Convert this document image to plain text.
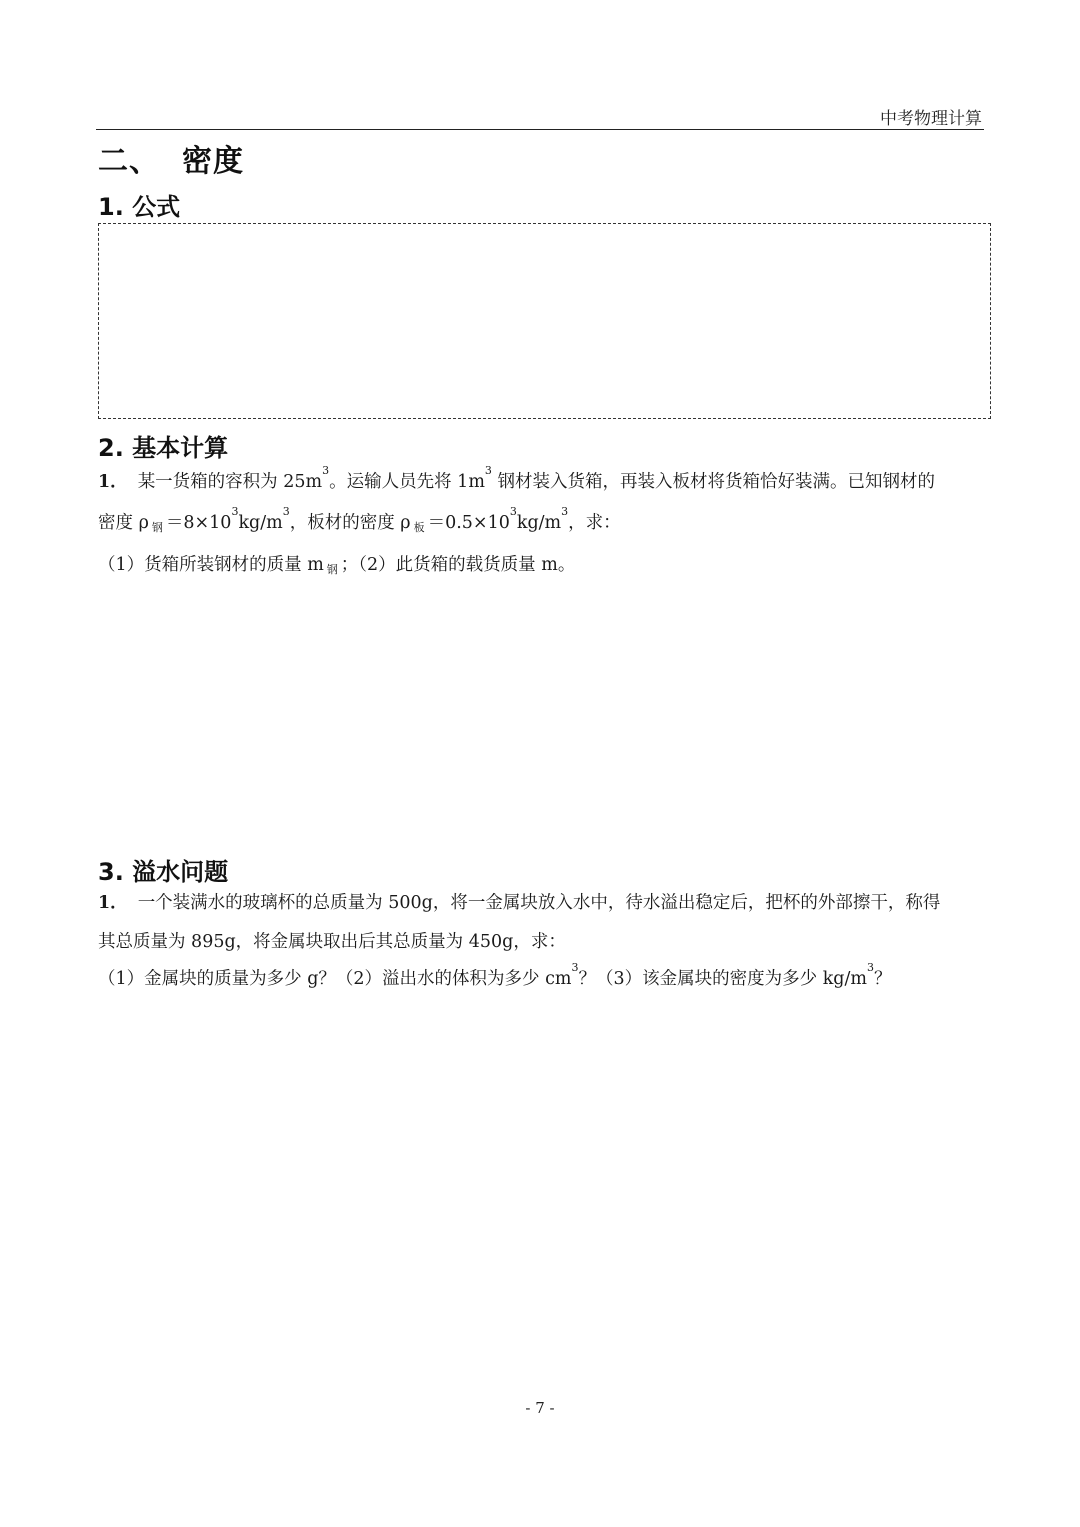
中考物理计算
二、 密度
1. 公式
2. 基本计算
1． 某一货箱的容积为 $25m^3$。运输人员先将 $1m^3$ 钢材装入货箱，再装入板材将货箱恰好装满。已知钢材的
密度 ρ 钢 $=8\times 10^3kg/m^3$，板材的密度 ρ 板 $=0.5\times 10^3kg/m^3$，求：
（1）货箱所装钢材的质量 m 钢 ；（2）此货箱的载货质量 m。
3. 溢水问题
1． 一个装满水的玻璃杯的总质量为 500g，将一金属块放入水中，待水溢出稳定后，把杯的外部擦干，称得
其总质量为 895g，将金属块取出后其总质量为 450g，求：
（1）金属块的质量为多少 g？（2）溢出水的体积为多少 $cm^3$？（3）该金属块的密度为多少 $kg/m^3$？
- 7 -
